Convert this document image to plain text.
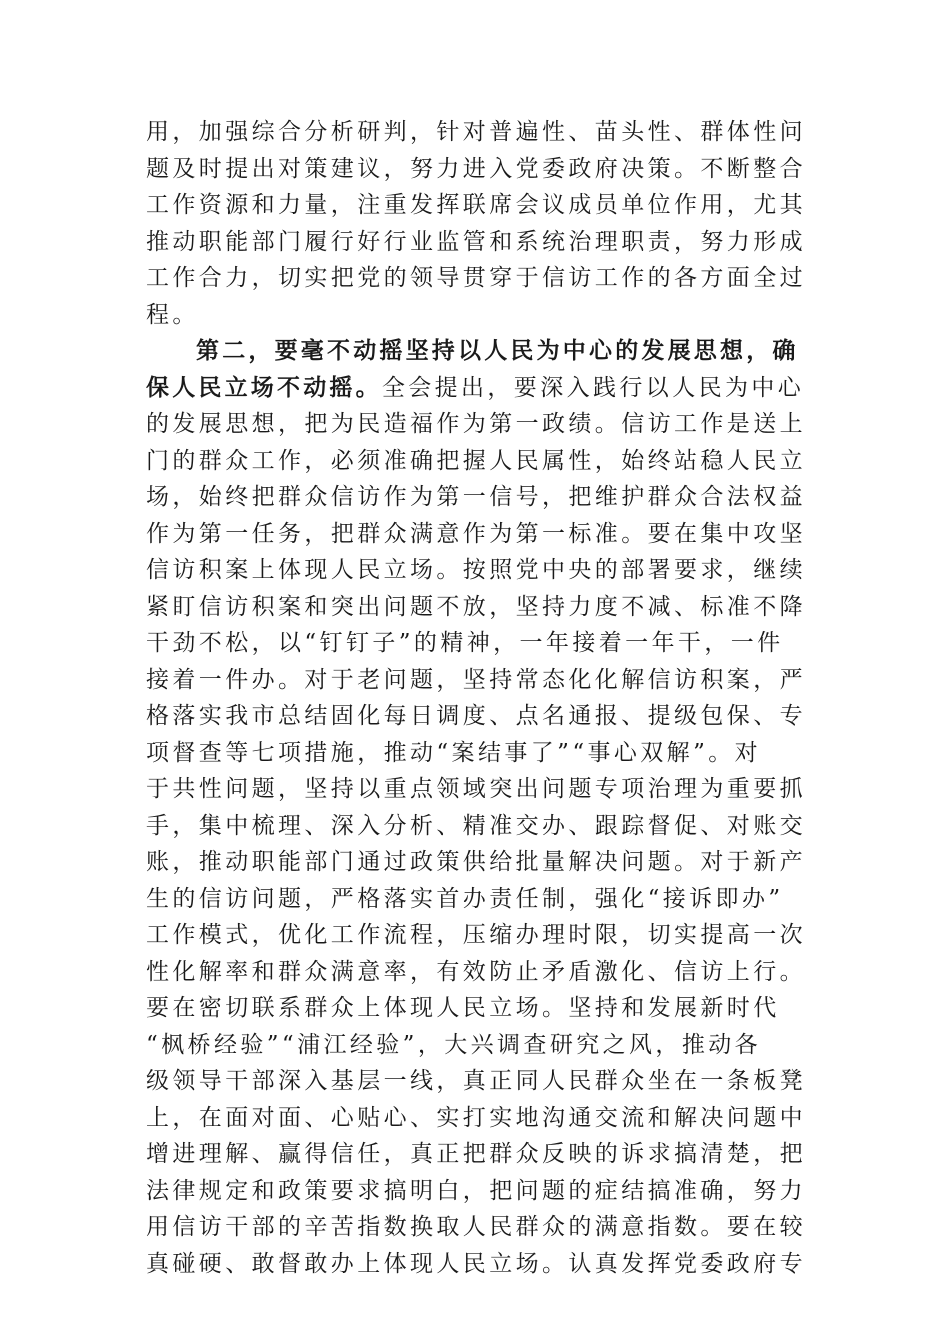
用，加强综合分析研判，针对普遍性、苗头性、群体性问
题及时提出对策建议，努力进入党委政府决策。不断整合
工作资源和力量，注重发挥联席会议成员单位作用，尤其
推动职能部门履行好行业监管和系统治理职责，努力形成
工作合力，切实把党的领导贯穿于信访工作的各方面全过
程。
第二，要毫不动摇坚持以人民为中心的发展思想，确
保人民立场不动摇。全会提出，要深入践行以人民为中心
的发展思想，把为民造福作为第一政绩。信访工作是送上
门的群众工作，必须准确把握人民属性，始终站稳人民立
场，始终把群众信访作为第一信号，把维护群众合法权益
作为第一任务，把群众满意作为第一标准。要在集中攻坚
信访积案上体现人民立场。按照党中央的部署要求，继续
紧盯信访积案和突出问题不放，坚持力度不减、标准不降
干劲不松，以“钉钉子”的精神，一年接着一年干，一件
接着一件办。对于老问题，坚持常态化化解信访积案，严
格落实我市总结固化每日调度、点名通报、提级包保、专
项督查等七项措施，推动“案结事了”“事心双解”。对
于共性问题，坚持以重点领域突出问题专项治理为重要抓
手，集中梳理、深入分析、精准交办、跟踪督促、对账交
账，推动职能部门通过政策供给批量解决问题。对于新产
生的信访问题，严格落实首办责任制，强化“接诉即办”
工作模式，优化工作流程，压缩办理时限，切实提高一次
性化解率和群众满意率，有效防止矛盾激化、信访上行。
要在密切联系群众上体现人民立场。坚持和发展新时代
“枫桥经验”“浦江经验”，大兴调查研究之风，推动各
级领导干部深入基层一线，真正同人民群众坐在一条板凳
上，在面对面、心贴心、实打实地沟通交流和解决问题中
增进理解、赢得信任，真正把群众反映的诉求搞清楚，把
法律规定和政策要求搞明白，把问题的症结搞准确，努力
用信访干部的辛苦指数换取人民群众的满意指数。要在较
真碰硬、敢督敢办上体现人民立场。认真发挥党委政府专
